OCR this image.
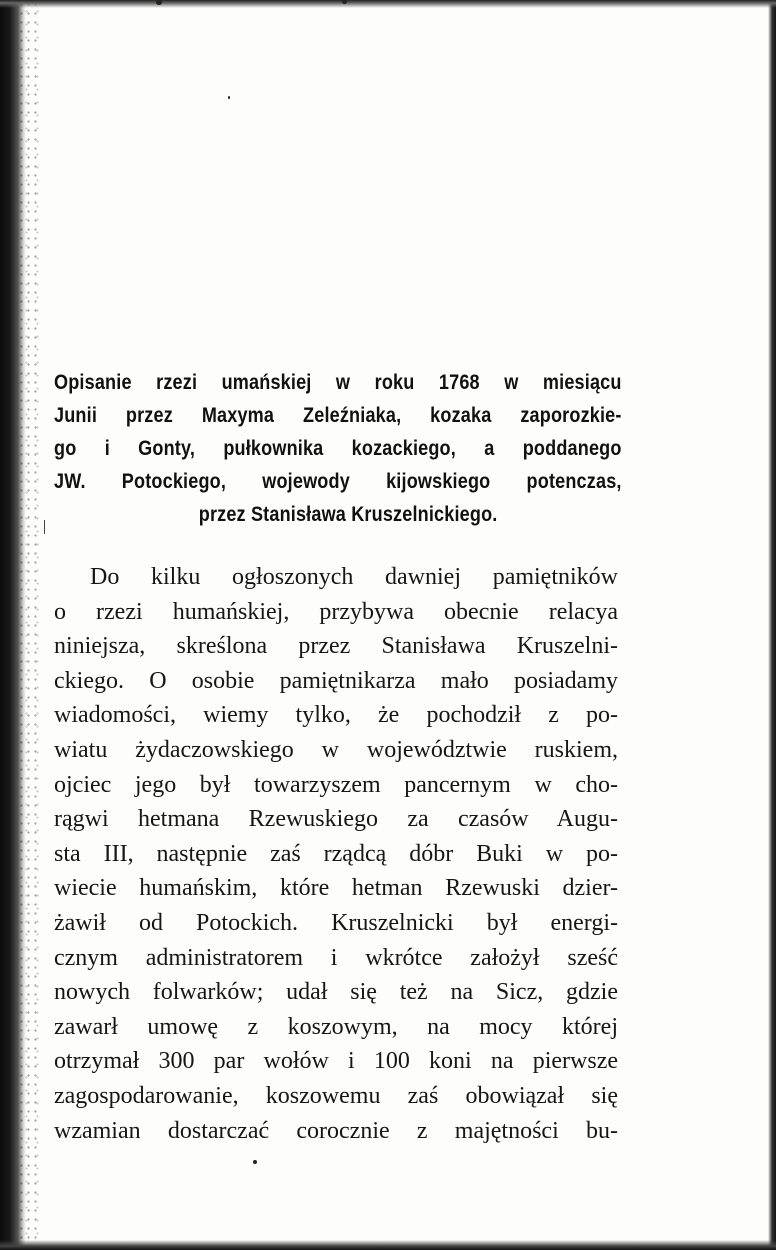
Opisanie rzezi umańskiej w roku 1768 w miesiącu
Junii przez Maxyma Zeleźniaka, kozaka zaporozkie-
go i Gonty, pułkownika kozackiego, a poddanego
JW. Potockiego, wojewody kijowskiego potenczas,
przez Stanisława Kruszelnickiego.
Do kilku ogłoszonych dawniej pamiętników
o rzezi humańskiej, przybywa obecnie relacya
niniejsza, skreślona przez Stanisława Kruszelni-
ckiego. O osobie pamiętnikarza mało posiadamy
wiadomości, wiemy tylko, że pochodził z po-
wiatu żydaczowskiego w województwie ruskiem,
ojciec jego był towarzyszem pancernym w cho-
rągwi hetmana Rzewuskiego za czasów Augu-
sta III, następnie zaś rządcą dóbr Buki w po-
wiecie humańskim, które hetman Rzewuski dzier-
żawił od Potockich. Kruszelnicki był energi-
cznym administratorem i wkrótce założył sześć
nowych folwarków; udał się też na Sicz, gdzie
zawarł umowę z koszowym, na mocy której
otrzymał 300 par wołów i 100 koni na pierwsze
zagospodarowanie, koszowemu zaś obowiązał się
wzamian dostarczać corocznie z majętności bu-
